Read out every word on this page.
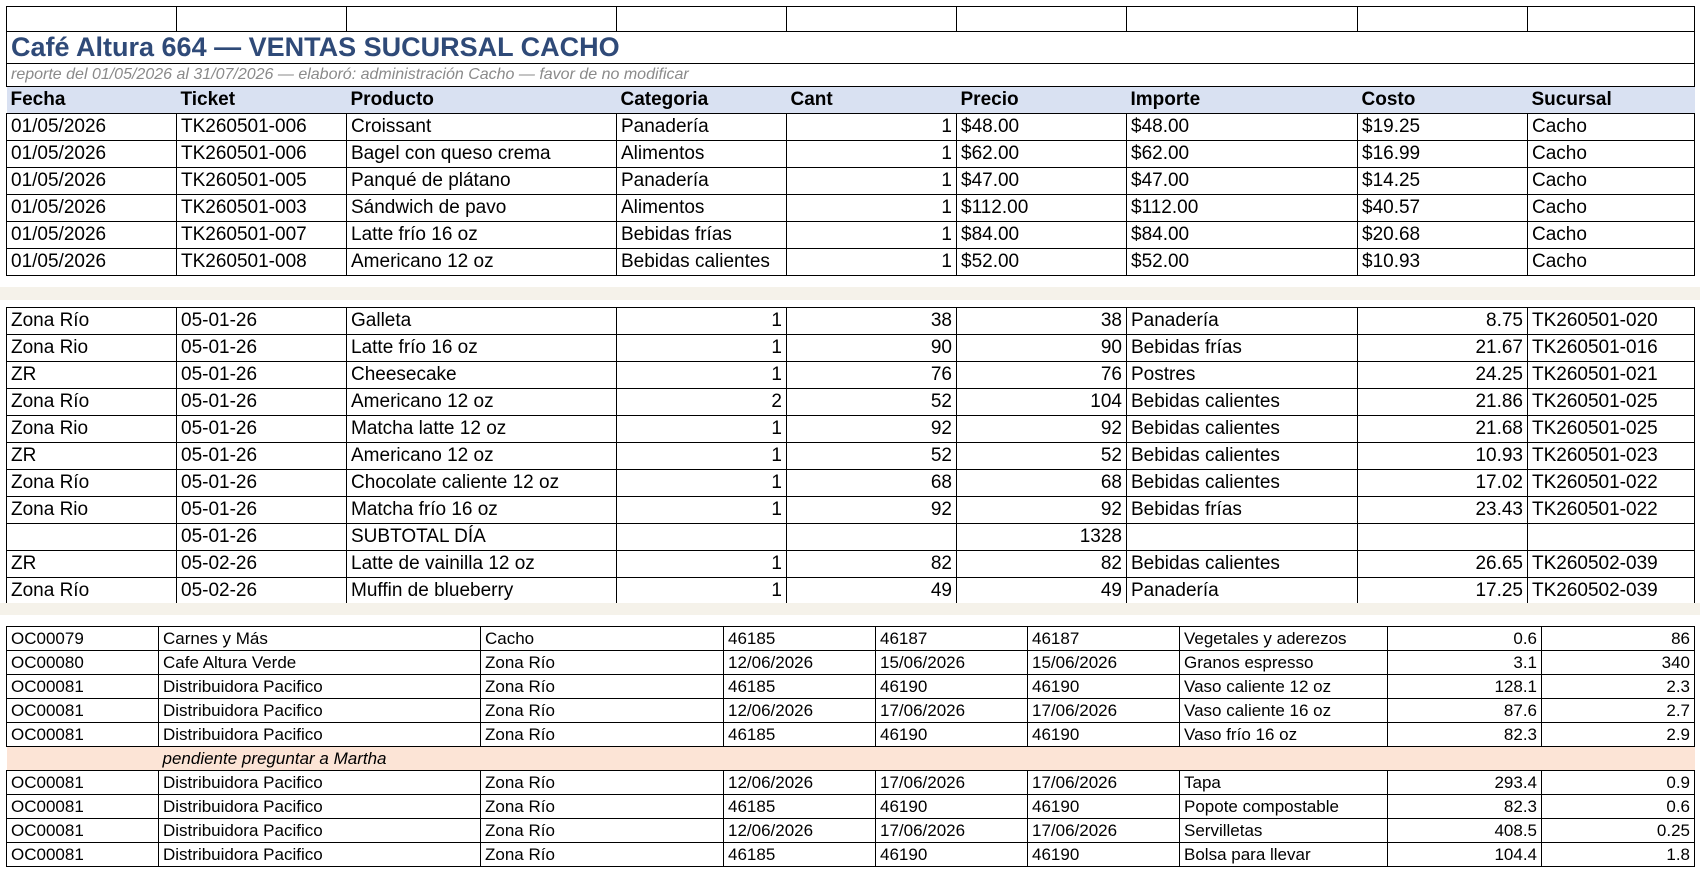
Café Altura 664 — VENTAS SUCURSAL CACHO								
reporte del 01/05/2026 al 31/07/2026 — elaboró: administración Cacho — favor de no modificar								
Fecha	Ticket	Producto	Categoria	Cant	Precio	Importe	Costo	Sucursal
01/05/2026	TK260501-006	Croissant	Panadería	1	$48.00	$48.00	$19.25	Cacho
01/05/2026	TK260501-006	Bagel con queso crema	Alimentos	1	$62.00	$62.00	$16.99	Cacho
01/05/2026	TK260501-005	Panqué de plátano	Panadería	1	$47.00	$47.00	$14.25	Cacho
01/05/2026	TK260501-003	Sándwich de pavo	Alimentos	1	$112.00	$112.00	$40.57	Cacho
01/05/2026	TK260501-007	Latte frío 16 oz	Bebidas frías	1	$84.00	$84.00	$20.68	Cacho
01/05/2026	TK260501-008	Americano 12 oz	Bebidas calientes	1	$52.00	$52.00	$10.93	Cacho
Zona Río	05-01-26	Galleta	1	38	38	Panadería	8.75	TK260501-020
Zona Rio	05-01-26	Latte frío 16 oz	1	90	90	Bebidas frías	21.67	TK260501-016
ZR	05-01-26	Cheesecake	1	76	76	Postres	24.25	TK260501-021
Zona Río	05-01-26	Americano 12 oz	2	52	104	Bebidas calientes	21.86	TK260501-025
Zona Rio	05-01-26	Matcha latte 12 oz	1	92	92	Bebidas calientes	21.68	TK260501-025
ZR	05-01-26	Americano 12 oz	1	52	52	Bebidas calientes	10.93	TK260501-023
Zona Río	05-01-26	Chocolate caliente 12 oz	1	68	68	Bebidas calientes	17.02	TK260501-022
Zona Rio	05-01-26	Matcha frío 16 oz	1	92	92	Bebidas frías	23.43	TK260501-022
	05-01-26	SUBTOTAL DÍA			1328			
ZR	05-02-26	Latte de vainilla 12 oz	1	82	82	Bebidas calientes	26.65	TK260502-039
Zona Río	05-02-26	Muffin de blueberry	1	49	49	Panadería	17.25	TK260502-039
OC00079	Carnes y Más	Cacho	46185	46187	46187	Vegetales y aderezos	0.6	86
OC00080	Cafe Altura Verde	Zona Río	12/06/2026	15/06/2026	15/06/2026	Granos espresso	3.1	340
OC00081	Distribuidora Pacifico	Zona Río	46185	46190	46190	Vaso caliente 12 oz	128.1	2.3
OC00081	Distribuidora Pacifico	Zona Río	12/06/2026	17/06/2026	17/06/2026	Vaso caliente 16 oz	87.6	2.7
OC00081	Distribuidora Pacifico	Zona Río	46185	46190	46190	Vaso frío 16 oz	82.3	2.9
	pendiente preguntar a Martha							
OC00081	Distribuidora Pacifico	Zona Río	12/06/2026	17/06/2026	17/06/2026	Tapa	293.4	0.9
OC00081	Distribuidora Pacifico	Zona Río	46185	46190	46190	Popote compostable	82.3	0.6
OC00081	Distribuidora Pacifico	Zona Río	12/06/2026	17/06/2026	17/06/2026	Servilletas	408.5	0.25
OC00081	Distribuidora Pacifico	Zona Río	46185	46190	46190	Bolsa para llevar	104.4	1.8
